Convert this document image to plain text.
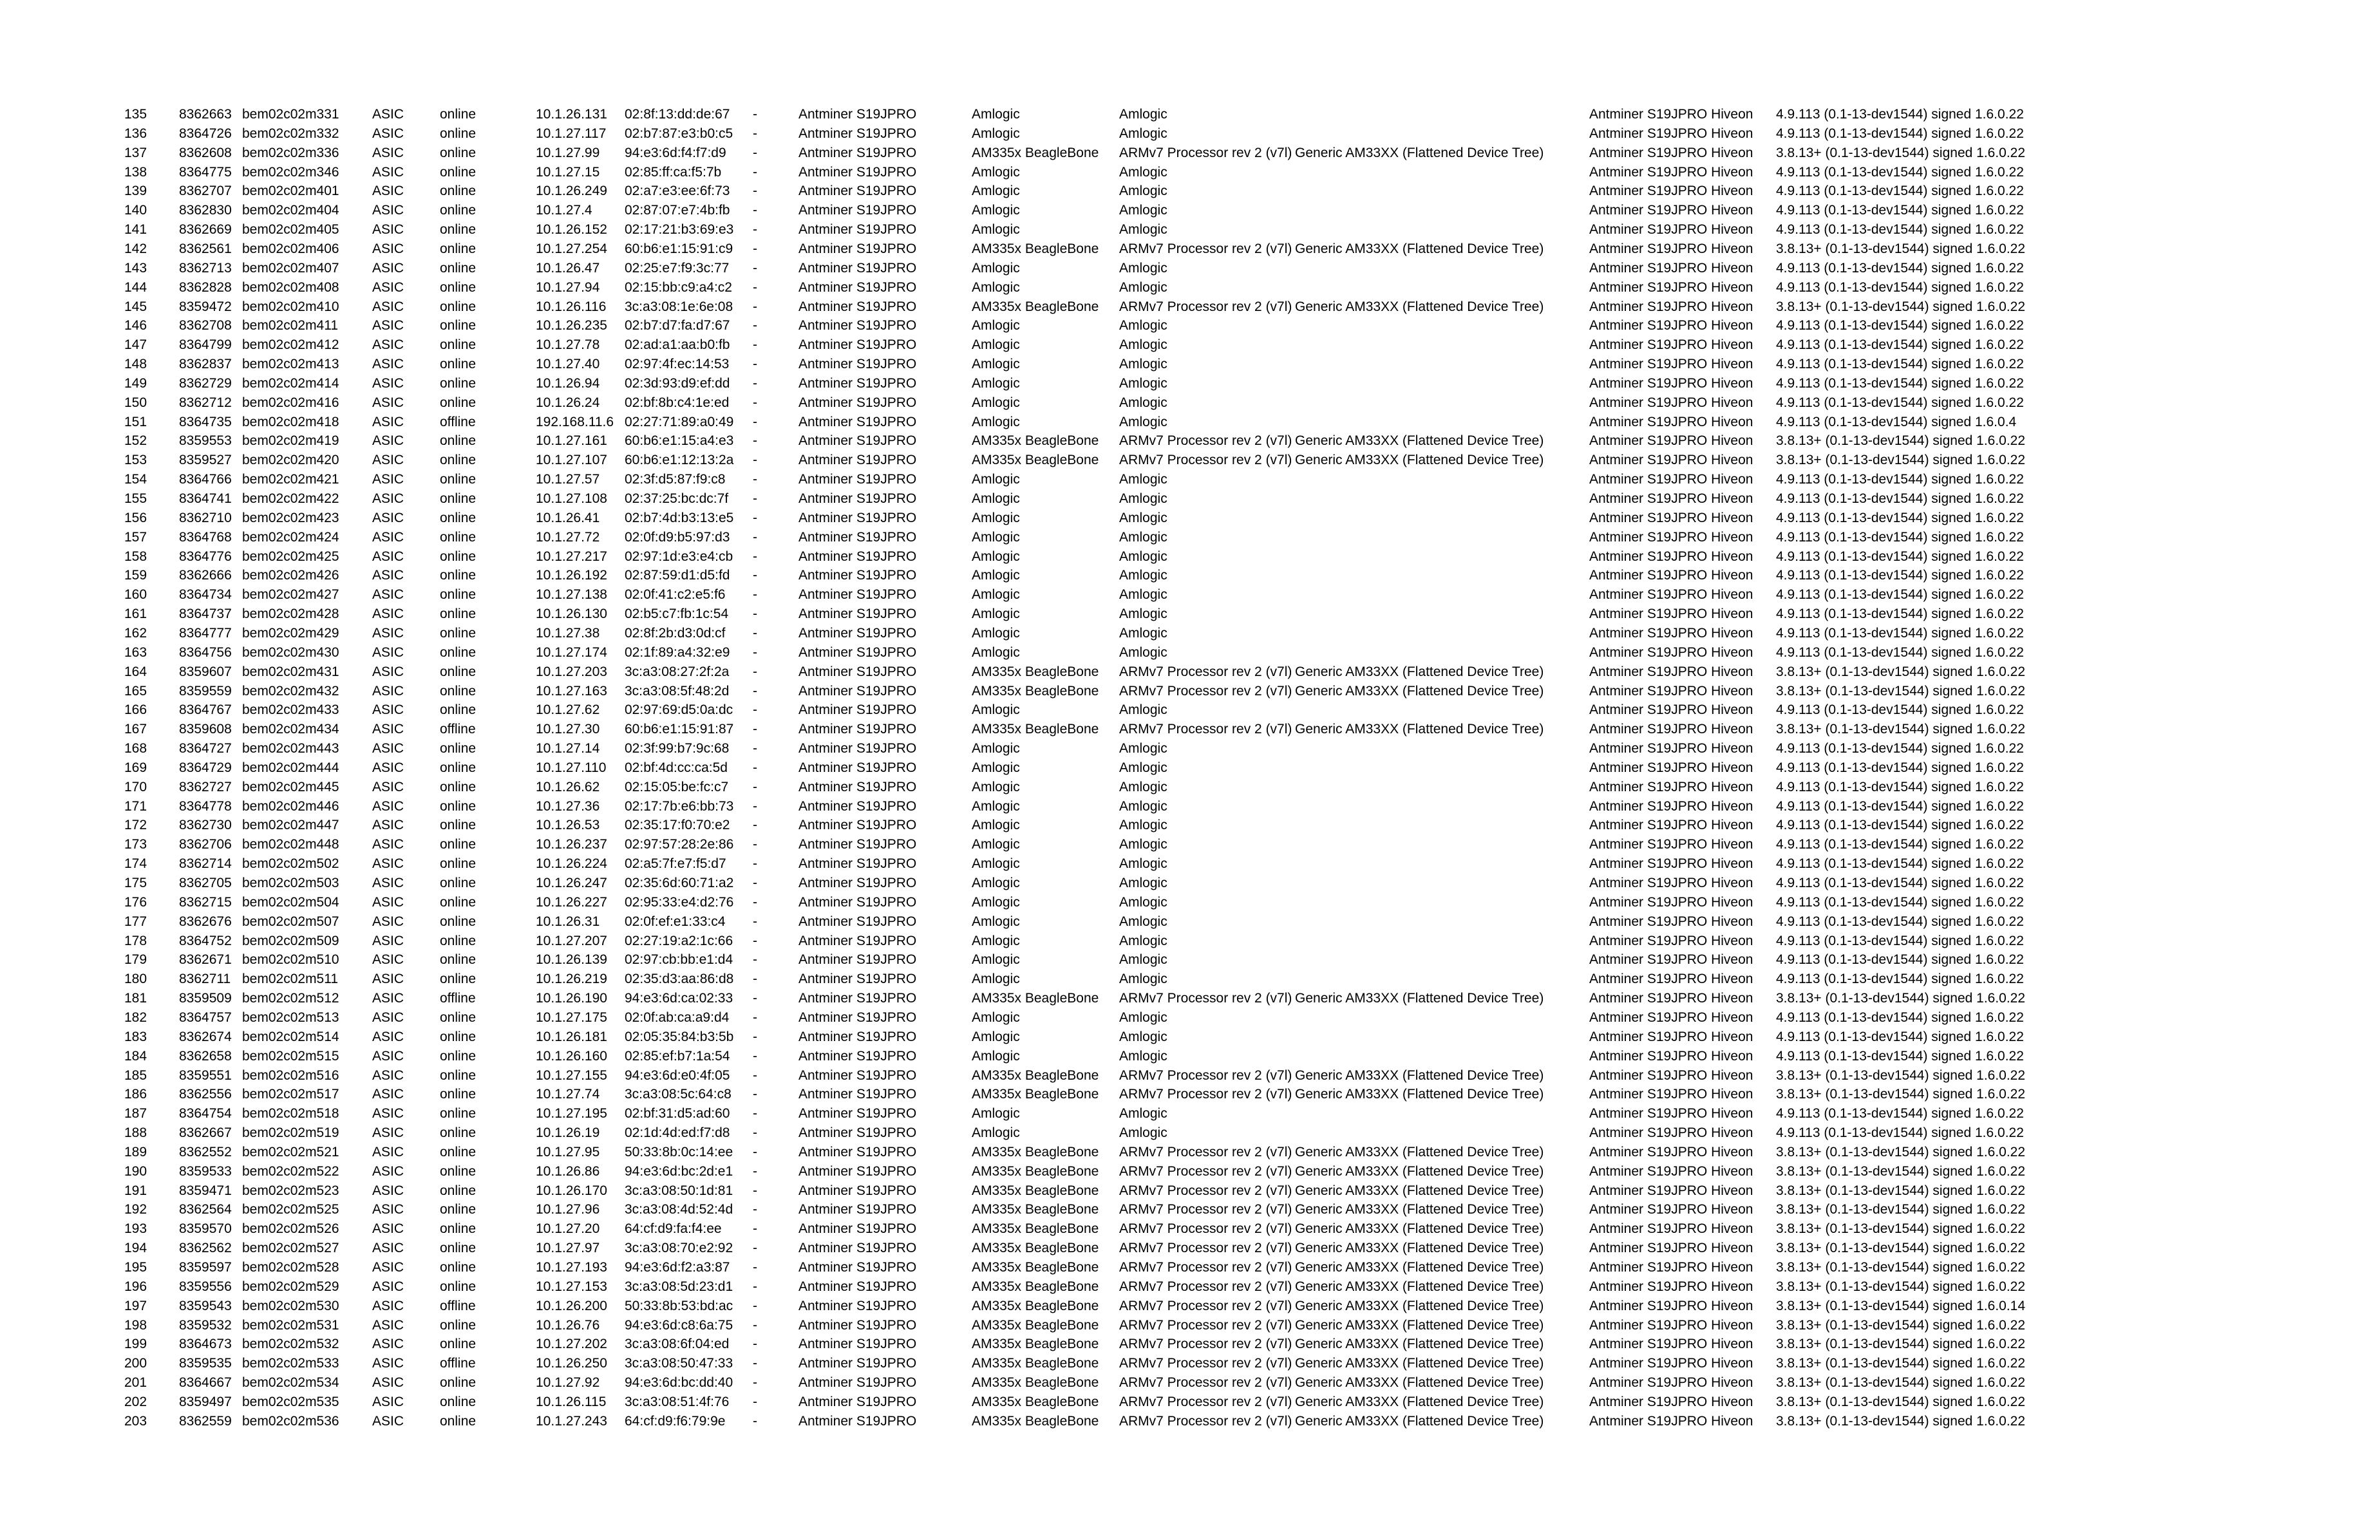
135 8362663 bem02c02m331 ASIC	online	10.1.26.131 02:8f:13:dd:de:67 -	Antminer S19JPRO	Amlogic	Amlogic	Antminer S19JPRO Hiveon 4.9.113 (0.1-13-dev1544) signed 1.6.0.22
136 8364726 bem02c02m332 ASIC	online	10.1.27.117 02:b7:87:e3:b0:c5 -	Antminer S19JPRO	Amlogic	Amlogic	Antminer S19JPRO Hiveon 4.9.113 (0.1-13-dev1544) signed 1.6.0.22
137 8362608 bem02c02m336 ASIC	online	10.1.27.99 94:e3:6d:f4:f7:d9 -	Antminer S19JPRO	AM335x BeagleBone ARMv7 Processor rev 2 (v7l) Generic AM33XX (Flattened Device Tree)	Antminer S19JPRO Hiveon 3.8.13+ (0.1-13-dev1544) signed 1.6.0.22
138 8364775 bem02c02m346 ASIC	online	10.1.27.15 02:85:ff:ca:f5:7b -	Antminer S19JPRO	Amlogic	Amlogic	Antminer S19JPRO Hiveon 4.9.113 (0.1-13-dev1544) signed 1.6.0.22
139 8362707 bem02c02m401 ASIC	online	10.1.26.249 02:a7:e3:ee:6f:73 -	Antminer S19JPRO	Amlogic	Amlogic	Antminer S19JPRO Hiveon 4.9.113 (0.1-13-dev1544) signed 1.6.0.22
140 8362830 bem02c02m404 ASIC	online	10.1.27.4 02:87:07:e7:4b:fb -	Antminer S19JPRO	Amlogic	Amlogic	Antminer S19JPRO Hiveon 4.9.113 (0.1-13-dev1544) signed 1.6.0.22
141 8362669 bem02c02m405 ASIC	online	10.1.26.152 02:17:21:b3:69:e3 -	Antminer S19JPRO	Amlogic	Amlogic	Antminer S19JPRO Hiveon 4.9.113 (0.1-13-dev1544) signed 1.6.0.22
142 8362561 bem02c02m406 ASIC	online	10.1.27.254 60:b6:e1:15:91:c9 -	Antminer S19JPRO	AM335x BeagleBone ARMv7 Processor rev 2 (v7l) Generic AM33XX (Flattened Device Tree)	Antminer S19JPRO Hiveon 3.8.13+ (0.1-13-dev1544) signed 1.6.0.22
143 8362713 bem02c02m407 ASIC	online	10.1.26.47 02:25:e7:f9:3c:77 -	Antminer S19JPRO	Amlogic	Amlogic	Antminer S19JPRO Hiveon 4.9.113 (0.1-13-dev1544) signed 1.6.0.22
144 8362828 bem02c02m408 ASIC	online	10.1.27.94 02:15:bb:c9:a4:c2 -	Antminer S19JPRO	Amlogic	Amlogic	Antminer S19JPRO Hiveon 4.9.113 (0.1-13-dev1544) signed 1.6.0.22
145 8359472 bem02c02m410 ASIC	online	10.1.26.116 3c:a3:08:1e:6e:08 -	Antminer S19JPRO	AM335x BeagleBone ARMv7 Processor rev 2 (v7l) Generic AM33XX (Flattened Device Tree)	Antminer S19JPRO Hiveon 3.8.13+ (0.1-13-dev1544) signed 1.6.0.22
146 8362708 bem02c02m411	ASIC	online	10.1.26.235 02:b7:d7:fa:d7:67 -	Antminer S19JPRO	Amlogic	Amlogic	Antminer S19JPRO Hiveon 4.9.113 (0.1-13-dev1544) signed 1.6.0.22
147 8364799 bem02c02m412 ASIC	online	10.1.27.78 02:ad:a1:aa:b0:fb -	Antminer S19JPRO	Amlogic	Amlogic	Antminer S19JPRO Hiveon 4.9.113 (0.1-13-dev1544) signed 1.6.0.22
148 8362837 bem02c02m413 ASIC	online	10.1.27.40 02:97:4f:ec:14:53 -	Antminer S19JPRO	Amlogic	Amlogic	Antminer S19JPRO Hiveon 4.9.113 (0.1-13-dev1544) signed 1.6.0.22
149 8362729 bem02c02m414 ASIC	online	10.1.26.94 02:3d:93:d9:ef:dd -	Antminer S19JPRO	Amlogic	Amlogic	Antminer S19JPRO Hiveon 4.9.113 (0.1-13-dev1544) signed 1.6.0.22
150 8362712 bem02c02m416 ASIC	online	10.1.26.24 02:bf:8b:c4:1e:ed -	Antminer S19JPRO	Amlogic	Amlogic	Antminer S19JPRO Hiveon 4.9.113 (0.1-13-dev1544) signed 1.6.0.22
151 8364735 bem02c02m418 ASIC	offline	192.168.11.6 02:27:71:89:a0:49 -	Antminer S19JPRO	Amlogic	Amlogic	Antminer S19JPRO Hiveon 4.9.113 (0.1-13-dev1544) signed 1.6.0.4
152 8359553 bem02c02m419 ASIC	online	10.1.27.161 60:b6:e1:15:a4:e3 -	Antminer S19JPRO	AM335x BeagleBone ARMv7 Processor rev 2 (v7l) Generic AM33XX (Flattened Device Tree)	Antminer S19JPRO Hiveon 3.8.13+ (0.1-13-dev1544) signed 1.6.0.22
153 8359527 bem02c02m420 ASIC	online	10.1.27.107 60:b6:e1:12:13:2a -	Antminer S19JPRO	AM335x BeagleBone ARMv7 Processor rev 2 (v7l) Generic AM33XX (Flattened Device Tree)	Antminer S19JPRO Hiveon 3.8.13+ (0.1-13-dev1544) signed 1.6.0.22
154 8364766 bem02c02m421 ASIC	online	10.1.27.57 02:3f:d5:87:f9:c8 -	Antminer S19JPRO	Amlogic	Amlogic	Antminer S19JPRO Hiveon 4.9.113 (0.1-13-dev1544) signed 1.6.0.22
155 8364741 bem02c02m422 ASIC	online	10.1.27.108 02:37:25:bc:dc:7f -	Antminer S19JPRO	Amlogic	Amlogic	Antminer S19JPRO Hiveon 4.9.113 (0.1-13-dev1544) signed 1.6.0.22
156 8362710 bem02c02m423 ASIC	online	10.1.26.41 02:b7:4d:b3:13:e5 -	Antminer S19JPRO	Amlogic	Amlogic	Antminer S19JPRO Hiveon 4.9.113 (0.1-13-dev1544) signed 1.6.0.22
157 8364768 bem02c02m424 ASIC	online	10.1.27.72 02:0f:d9:b5:97:d3 -	Antminer S19JPRO	Amlogic	Amlogic	Antminer S19JPRO Hiveon 4.9.113 (0.1-13-dev1544) signed 1.6.0.22
158 8364776 bem02c02m425 ASIC	online	10.1.27.217 02:97:1d:e3:e4:cb -	Antminer S19JPRO	Amlogic	Amlogic	Antminer S19JPRO Hiveon 4.9.113 (0.1-13-dev1544) signed 1.6.0.22
159 8362666 bem02c02m426 ASIC	online	10.1.26.192 02:87:59:d1:d5:fd -	Antminer S19JPRO	Amlogic	Amlogic	Antminer S19JPRO Hiveon 4.9.113 (0.1-13-dev1544) signed 1.6.0.22
160 8364734 bem02c02m427 ASIC	online	10.1.27.138 02:0f:41:c2:e5:f6 -	Antminer S19JPRO	Amlogic	Amlogic	Antminer S19JPRO Hiveon 4.9.113 (0.1-13-dev1544) signed 1.6.0.22
161 8364737 bem02c02m428 ASIC	online	10.1.26.130 02:b5:c7:fb:1c:54 -	Antminer S19JPRO	Amlogic	Amlogic	Antminer S19JPRO Hiveon 4.9.113 (0.1-13-dev1544) signed 1.6.0.22
162 8364777 bem02c02m429 ASIC	online	10.1.27.38 02:8f:2b:d3:0d:cf -	Antminer S19JPRO	Amlogic	Amlogic	Antminer S19JPRO Hiveon 4.9.113 (0.1-13-dev1544) signed 1.6.0.22
163 8364756 bem02c02m430 ASIC	online	10.1.27.174 02:1f:89:a4:32:e9 -	Antminer S19JPRO	Amlogic	Amlogic	Antminer S19JPRO Hiveon 4.9.113 (0.1-13-dev1544) signed 1.6.0.22
164 8359607 bem02c02m431 ASIC	online	10.1.27.203 3c:a3:08:27:2f:2a -	Antminer S19JPRO	AM335x BeagleBone ARMv7 Processor rev 2 (v7l) Generic AM33XX (Flattened Device Tree)	Antminer S19JPRO Hiveon 3.8.13+ (0.1-13-dev1544) signed 1.6.0.22
165 8359559 bem02c02m432 ASIC	online	10.1.27.163 3c:a3:08:5f:48:2d -	Antminer S19JPRO	AM335x BeagleBone ARMv7 Processor rev 2 (v7l) Generic AM33XX (Flattened Device Tree)	Antminer S19JPRO Hiveon 3.8.13+ (0.1-13-dev1544) signed 1.6.0.22
166 8364767 bem02c02m433 ASIC	online	10.1.27.62 02:97:69:d5:0a:dc -	Antminer S19JPRO	Amlogic	Amlogic	Antminer S19JPRO Hiveon 4.9.113 (0.1-13-dev1544) signed 1.6.0.22
167 8359608 bem02c02m434 ASIC	offline	10.1.27.30 60:b6:e1:15:91:87 -	Antminer S19JPRO	AM335x BeagleBone ARMv7 Processor rev 2 (v7l) Generic AM33XX (Flattened Device Tree)	Antminer S19JPRO Hiveon 3.8.13+ (0.1-13-dev1544) signed 1.6.0.22
168 8364727 bem02c02m443 ASIC	online	10.1.27.14 02:3f:99:b7:9c:68 -	Antminer S19JPRO	Amlogic	Amlogic	Antminer S19JPRO Hiveon 4.9.113 (0.1-13-dev1544) signed 1.6.0.22
169 8364729 bem02c02m444 ASIC	online	10.1.27.110 02:bf:4d:cc:ca:5d -	Antminer S19JPRO	Amlogic	Amlogic	Antminer S19JPRO Hiveon 4.9.113 (0.1-13-dev1544) signed 1.6.0.22
170 8362727 bem02c02m445 ASIC	online	10.1.26.62 02:15:05:be:fc:c7 -	Antminer S19JPRO	Amlogic	Amlogic	Antminer S19JPRO Hiveon 4.9.113 (0.1-13-dev1544) signed 1.6.0.22
171 8364778 bem02c02m446 ASIC	online	10.1.27.36 02:17:7b:e6:bb:73 -	Antminer S19JPRO	Amlogic	Amlogic	Antminer S19JPRO Hiveon 4.9.113 (0.1-13-dev1544) signed 1.6.0.22
172 8362730 bem02c02m447 ASIC	online	10.1.26.53 02:35:17:f0:70:e2 -	Antminer S19JPRO	Amlogic	Amlogic	Antminer S19JPRO Hiveon 4.9.113 (0.1-13-dev1544) signed 1.6.0.22
173 8362706 bem02c02m448 ASIC	online	10.1.26.237 02:97:57:28:2e:86 -	Antminer S19JPRO	Amlogic	Amlogic	Antminer S19JPRO Hiveon 4.9.113 (0.1-13-dev1544) signed 1.6.0.22
174 8362714 bem02c02m502 ASIC	online	10.1.26.224 02:a5:7f:e7:f5:d7 -	Antminer S19JPRO	Amlogic	Amlogic	Antminer S19JPRO Hiveon 4.9.113 (0.1-13-dev1544) signed 1.6.0.22
175 8362705 bem02c02m503 ASIC	online	10.1.26.247 02:35:6d:60:71:a2 -	Antminer S19JPRO	Amlogic	Amlogic	Antminer S19JPRO Hiveon 4.9.113 (0.1-13-dev1544) signed 1.6.0.22
176 8362715 bem02c02m504 ASIC	online	10.1.26.227 02:95:33:e4:d2:76 -	Antminer S19JPRO	Amlogic	Amlogic	Antminer S19JPRO Hiveon 4.9.113 (0.1-13-dev1544) signed 1.6.0.22
177 8362676 bem02c02m507 ASIC	online	10.1.26.31 02:0f:ef:e1:33:c4 -	Antminer S19JPRO	Amlogic	Amlogic	Antminer S19JPRO Hiveon 4.9.113 (0.1-13-dev1544) signed 1.6.0.22
178 8364752 bem02c02m509 ASIC	online	10.1.27.207 02:27:19:a2:1c:66 -	Antminer S19JPRO	Amlogic	Amlogic	Antminer S19JPRO Hiveon 4.9.113 (0.1-13-dev1544) signed 1.6.0.22
179 8362671 bem02c02m510 ASIC	online	10.1.26.139 02:97:cb:bb:e1:d4 -	Antminer S19JPRO	Amlogic	Amlogic	Antminer S19JPRO Hiveon 4.9.113 (0.1-13-dev1544) signed 1.6.0.22
180 8362711 bem02c02m511	ASIC	online	10.1.26.219 02:35:d3:aa:86:d8 -	Antminer S19JPRO	Amlogic	Amlogic	Antminer S19JPRO Hiveon 4.9.113 (0.1-13-dev1544) signed 1.6.0.22
181 8359509 bem02c02m512 ASIC	offline	10.1.26.190 94:e3:6d:ca:02:33 -	Antminer S19JPRO	AM335x BeagleBone ARMv7 Processor rev 2 (v7l) Generic AM33XX (Flattened Device Tree)	Antminer S19JPRO Hiveon 3.8.13+ (0.1-13-dev1544) signed 1.6.0.22
182 8364757 bem02c02m513 ASIC	online	10.1.27.175 02:0f:ab:ca:a9:d4 -	Antminer S19JPRO	Amlogic	Amlogic	Antminer S19JPRO Hiveon 4.9.113 (0.1-13-dev1544) signed 1.6.0.22
183 8362674 bem02c02m514 ASIC	online	10.1.26.181 02:05:35:84:b3:5b -	Antminer S19JPRO	Amlogic	Amlogic	Antminer S19JPRO Hiveon 4.9.113 (0.1-13-dev1544) signed 1.6.0.22
184 8362658 bem02c02m515 ASIC	online	10.1.26.160 02:85:ef:b7:1a:54 -	Antminer S19JPRO	Amlogic	Amlogic	Antminer S19JPRO Hiveon 4.9.113 (0.1-13-dev1544) signed 1.6.0.22
185 8359551 bem02c02m516 ASIC	online	10.1.27.155 94:e3:6d:e0:4f:05 -	Antminer S19JPRO	AM335x BeagleBone ARMv7 Processor rev 2 (v7l) Generic AM33XX (Flattened Device Tree)	Antminer S19JPRO Hiveon 3.8.13+ (0.1-13-dev1544) signed 1.6.0.22
186 8362556 bem02c02m517 ASIC	online	10.1.27.74 3c:a3:08:5c:64:c8 -	Antminer S19JPRO	AM335x BeagleBone ARMv7 Processor rev 2 (v7l) Generic AM33XX (Flattened Device Tree)	Antminer S19JPRO Hiveon 3.8.13+ (0.1-13-dev1544) signed 1.6.0.22
187 8364754 bem02c02m518 ASIC	online	10.1.27.195 02:bf:31:d5:ad:60 -	Antminer S19JPRO	Amlogic	Amlogic	Antminer S19JPRO Hiveon 4.9.113 (0.1-13-dev1544) signed 1.6.0.22
188 8362667 bem02c02m519 ASIC	online	10.1.26.19 02:1d:4d:ed:f7:d8 -	Antminer S19JPRO	Amlogic	Amlogic	Antminer S19JPRO Hiveon 4.9.113 (0.1-13-dev1544) signed 1.6.0.22
189 8362552 bem02c02m521 ASIC	online	10.1.27.95 50:33:8b:0c:14:ee -	Antminer S19JPRO	AM335x BeagleBone ARMv7 Processor rev 2 (v7l) Generic AM33XX (Flattened Device Tree)	Antminer S19JPRO Hiveon 3.8.13+ (0.1-13-dev1544) signed 1.6.0.22
190 8359533 bem02c02m522 ASIC	online	10.1.26.86 94:e3:6d:bc:2d:e1 -	Antminer S19JPRO	AM335x BeagleBone ARMv7 Processor rev 2 (v7l) Generic AM33XX (Flattened Device Tree)	Antminer S19JPRO Hiveon 3.8.13+ (0.1-13-dev1544) signed 1.6.0.22
191 8359471 bem02c02m523 ASIC	online	10.1.26.170 3c:a3:08:50:1d:81 -	Antminer S19JPRO	AM335x BeagleBone ARMv7 Processor rev 2 (v7l) Generic AM33XX (Flattened Device Tree)	Antminer S19JPRO Hiveon 3.8.13+ (0.1-13-dev1544) signed 1.6.0.22
192 8362564 bem02c02m525 ASIC	online	10.1.27.96 3c:a3:08:4d:52:4d -	Antminer S19JPRO	AM335x BeagleBone ARMv7 Processor rev 2 (v7l) Generic AM33XX (Flattened Device Tree)	Antminer S19JPRO Hiveon 3.8.13+ (0.1-13-dev1544) signed 1.6.0.22
193 8359570 bem02c02m526 ASIC	online	10.1.27.20 64:cf:d9:fa:f4:ee -	Antminer S19JPRO	AM335x BeagleBone ARMv7 Processor rev 2 (v7l) Generic AM33XX (Flattened Device Tree)	Antminer S19JPRO Hiveon 3.8.13+ (0.1-13-dev1544) signed 1.6.0.22
194 8362562 bem02c02m527 ASIC	online	10.1.27.97 3c:a3:08:70:e2:92 -	Antminer S19JPRO	AM335x BeagleBone ARMv7 Processor rev 2 (v7l) Generic AM33XX (Flattened Device Tree)	Antminer S19JPRO Hiveon 3.8.13+ (0.1-13-dev1544) signed 1.6.0.22
195 8359597 bem02c02m528 ASIC	online	10.1.27.193 94:e3:6d:f2:a3:87 -	Antminer S19JPRO	AM335x BeagleBone ARMv7 Processor rev 2 (v7l) Generic AM33XX (Flattened Device Tree)	Antminer S19JPRO Hiveon 3.8.13+ (0.1-13-dev1544) signed 1.6.0.22
196 8359556 bem02c02m529 ASIC	online	10.1.27.153 3c:a3:08:5d:23:d1 -	Antminer S19JPRO	AM335x BeagleBone ARMv7 Processor rev 2 (v7l) Generic AM33XX (Flattened Device Tree)	Antminer S19JPRO Hiveon 3.8.13+ (0.1-13-dev1544) signed 1.6.0.22
197 8359543 bem02c02m530 ASIC	offline	10.1.26.200 50:33:8b:53:bd:ac -	Antminer S19JPRO	AM335x BeagleBone ARMv7 Processor rev 2 (v7l) Generic AM33XX (Flattened Device Tree)	Antminer S19JPRO Hiveon 3.8.13+ (0.1-13-dev1544) signed 1.6.0.14
198 8359532 bem02c02m531 ASIC	online	10.1.26.76 94:e3:6d:c8:6a:75 -	Antminer S19JPRO	AM335x BeagleBone ARMv7 Processor rev 2 (v7l) Generic AM33XX (Flattened Device Tree)	Antminer S19JPRO Hiveon 3.8.13+ (0.1-13-dev1544) signed 1.6.0.22
199 8364673 bem02c02m532 ASIC	online	10.1.27.202 3c:a3:08:6f:04:ed -	Antminer S19JPRO	AM335x BeagleBone ARMv7 Processor rev 2 (v7l) Generic AM33XX (Flattened Device Tree)	Antminer S19JPRO Hiveon 3.8.13+ (0.1-13-dev1544) signed 1.6.0.22
200 8359535 bem02c02m533 ASIC	offline	10.1.26.250 3c:a3:08:50:47:33 -	Antminer S19JPRO	AM335x BeagleBone ARMv7 Processor rev 2 (v7l) Generic AM33XX (Flattened Device Tree)	Antminer S19JPRO Hiveon 3.8.13+ (0.1-13-dev1544) signed 1.6.0.22
201 8364667 bem02c02m534 ASIC	online	10.1.27.92 94:e3:6d:bc:dd:40 -	Antminer S19JPRO	AM335x BeagleBone ARMv7 Processor rev 2 (v7l) Generic AM33XX (Flattened Device Tree)	Antminer S19JPRO Hiveon 3.8.13+ (0.1-13-dev1544) signed 1.6.0.22
202 8359497 bem02c02m535 ASIC	online	10.1.26.115 3c:a3:08:51:4f:76 -	Antminer S19JPRO	AM335x BeagleBone ARMv7 Processor rev 2 (v7l) Generic AM33XX (Flattened Device Tree)	Antminer S19JPRO Hiveon 3.8.13+ (0.1-13-dev1544) signed 1.6.0.22
203 8362559 bem02c02m536 ASIC	online	10.1.27.243 64:cf:d9:f6:79:9e -	Antminer S19JPRO	AM335x BeagleBone ARMv7 Processor rev 2 (v7l) Generic AM33XX (Flattened Device Tree)	Antminer S19JPRO Hiveon 3.8.13+ (0.1-13-dev1544) signed 1.6.0.22
